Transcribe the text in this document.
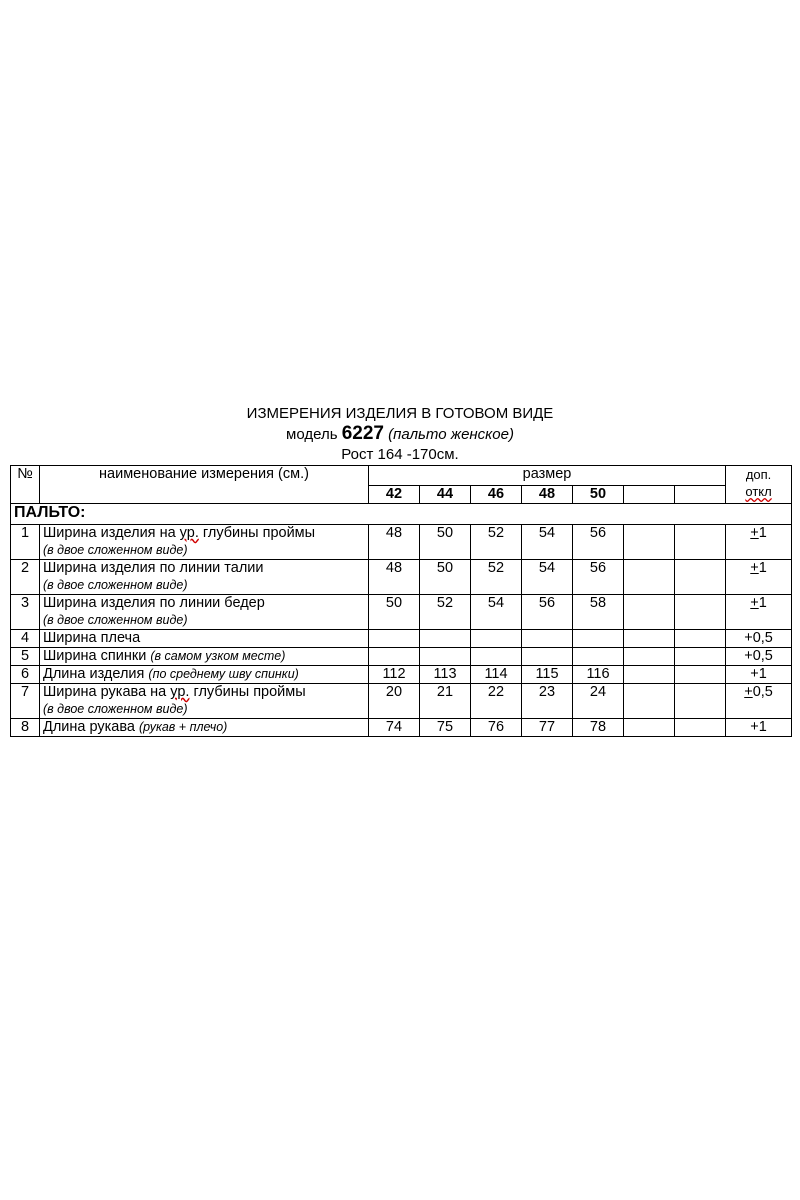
ИЗМЕРЕНИЯ ИЗДЕЛИЯ В ГОТОВОМ ВИДЕ
модель 6227 (пальто женское)
Рост 164 -170см.
№	наименование измерения (см.)	размер							доп.
откл

		42	44	46	48	50			
ПАЛЬТО:									
1	Ширина изделия на ур. глубины проймы
(в двое сложенном виде)	48	50	52	54	56			+1
2	Ширина изделия по линии талии
(в двое сложенном виде)	48	50	52	54	56			+1
3	Ширина изделия по линии бедер
(в двое сложенном виде)	50	52	54	56	58			+1
4	Ширина плеча								+0,5
5	Ширина спинки (в самом узком месте)								+0,5
6	Длина изделия (по среднему шву спинки)	112	113	114	115	116			+1
7	Ширина рукава на ур. глубины проймы
(в двое сложенном виде)	20	21	22	23	24			+0,5
8	Длина рукава (рукав + плечо)	74	75	76	77	78			+1
